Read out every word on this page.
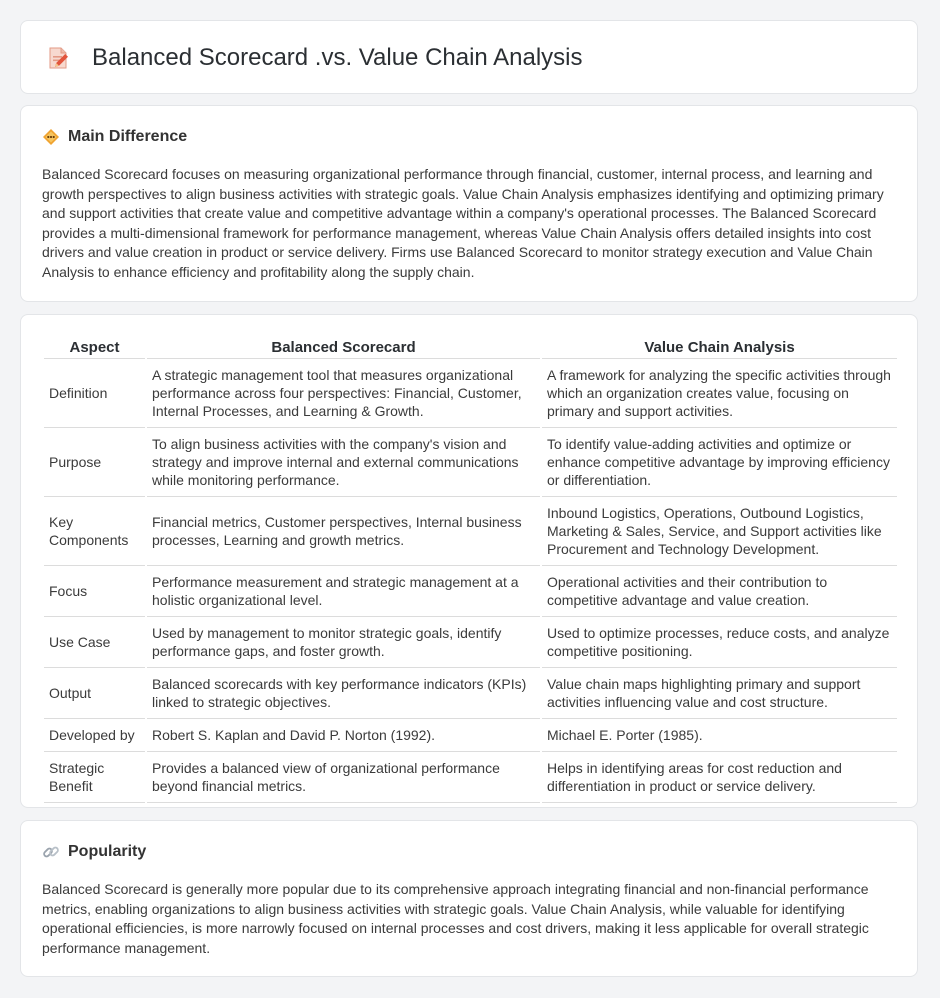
Balanced Scorecard .vs. Value Chain Analysis
Main Difference

Balanced Scorecard focuses on measuring organizational performance through financial, customer, internal process, and learning and growth perspectives to align business activities with strategic goals. Value Chain Analysis emphasizes identifying and optimizing primary and support activities that create value and competitive advantage within a company's operational processes. The Balanced Scorecard provides a multi-dimensional framework for performance management, whereas Value Chain Analysis offers detailed insights into cost drivers and value creation in product or service delivery. Firms use Balanced Scorecard to monitor strategy execution and Value Chain Analysis to enhance efficiency and profitability along the supply chain.

Aspect	Balanced Scorecard	Value Chain Analysis
Definition	A strategic management tool that measures organizational performance across four perspectives: Financial, Customer, Internal Processes, and Learning & Growth.	A framework for analyzing the specific activities through which an organization creates value, focusing on primary and support activities.
Purpose	To align business activities with the company's vision and strategy and improve internal and external communications while monitoring performance.	To identify value-adding activities and optimize or enhance competitive advantage by improving efficiency or differentiation.
Key Components	Financial metrics, Customer perspectives, Internal business processes, Learning and growth metrics.	Inbound Logistics, Operations, Outbound Logistics, Marketing & Sales, Service, and Support activities like Procurement and Technology Development.
Focus	Performance measurement and strategic management at a holistic organizational level.	Operational activities and their contribution to competitive advantage and value creation.
Use Case	Used by management to monitor strategic goals, identify performance gaps, and foster growth.	Used to optimize processes, reduce costs, and analyze competitive positioning.
Output	Balanced scorecards with key performance indicators (KPIs) linked to strategic objectives.	Value chain maps highlighting primary and support activities influencing value and cost structure.
Developed by	Robert S. Kaplan and David P. Norton (1992).	Michael E. Porter (1985).
Strategic Benefit	Provides a balanced view of organizational performance beyond financial metrics.	Helps in identifying areas for cost reduction and differentiation in product or service delivery.
Popularity

Balanced Scorecard is generally more popular due to its comprehensive approach integrating financial and non-financial performance metrics, enabling organizations to align business activities with strategic goals. Value Chain Analysis, while valuable for identifying operational efficiencies, is more narrowly focused on internal processes and cost drivers, making it less applicable for overall strategic performance management.
